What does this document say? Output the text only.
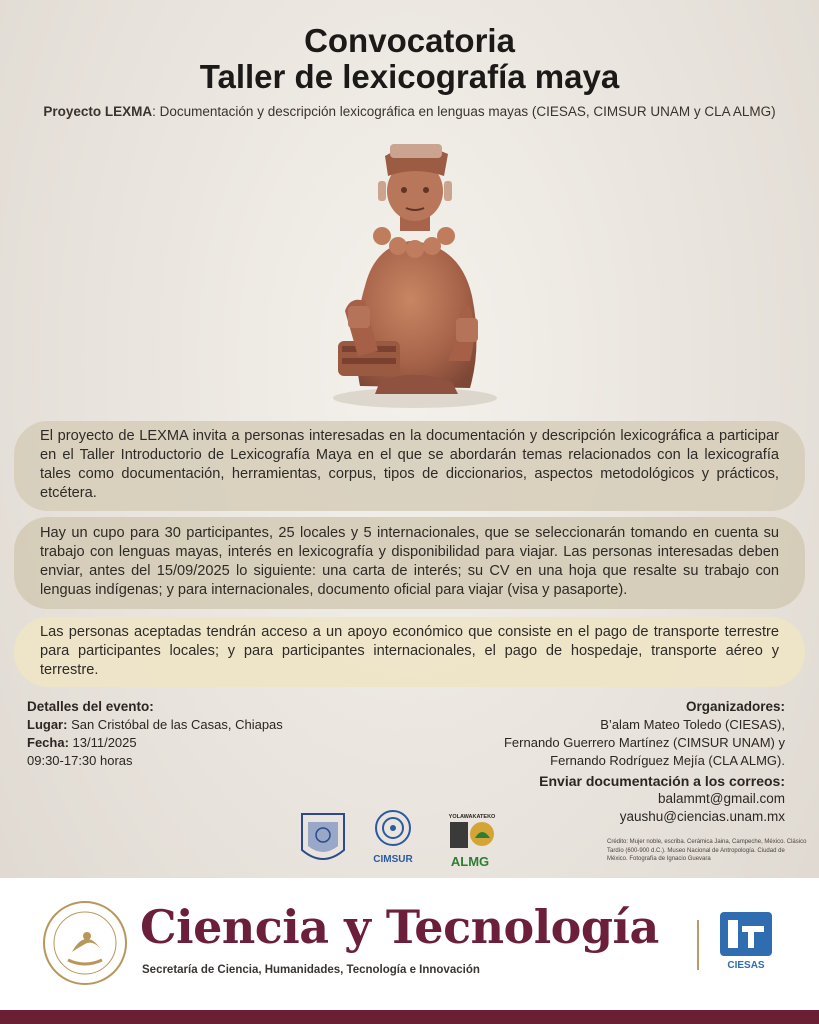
Convocatoria
Taller de lexicografía maya
Proyecto LEXMA: Documentación y descripción lexicográfica en lenguas mayas (CIESAS, CIMSUR UNAM y CLA ALMG)
El proyecto de LEXMA invita a personas interesadas en la documentación y descripción lexicográfica a participar en el Taller Introductorio de Lexicografía Maya en el que se abordarán temas relacionados con la lexicografía tales como documentación, herramientas, corpus, tipos de diccionarios, aspectos metodológicos y prácticos, etcétera.
Hay un cupo para 30 participantes, 25 locales y 5 internacionales, que se seleccionarán tomando en cuenta su trabajo con lenguas mayas, interés en lexicografía y disponibilidad para viajar. Las personas interesadas deben enviar, antes del 15/09/2025 lo siguiente: una carta de interés; su CV en una hoja que resalte su trabajo con lenguas indígenas; y para internacionales, documento oficial para viajar (visa y pasaporte).
Las personas aceptadas tendrán acceso a un apoyo económico que consiste en el pago de transporte terrestre para participantes locales; y para participantes internacionales, el pago de hospedaje, transporte aéreo y terrestre.
Detalles del evento:
Lugar: San Cristóbal de las Casas, Chiapas
Fecha: 13/11/2025
09:30-17:30 horas
Organizadores:
B’alam Mateo Toledo (CIESAS),
Fernando Guerrero Martínez (CIMSUR UNAM) y
Fernando Rodríguez Mejía (CLA ALMG).
Enviar documentación a los correos:
balammt@gmail.com
yaushu@ciencias.unam.mx
CIMSUR
YOLAWAKATEKO
ALMG
Crédito: Mujer noble, escriba. Cerámica Jaina, Campeche, México. Clásico Tardío (600-900 d.C.). Museo Nacional de Antropología. Ciudad de México. Fotografía de Ignacio Guevara
Ciencia y Tecnología
Secretaría de Ciencia, Humanidades, Tecnología e Innovación	CIESAS
